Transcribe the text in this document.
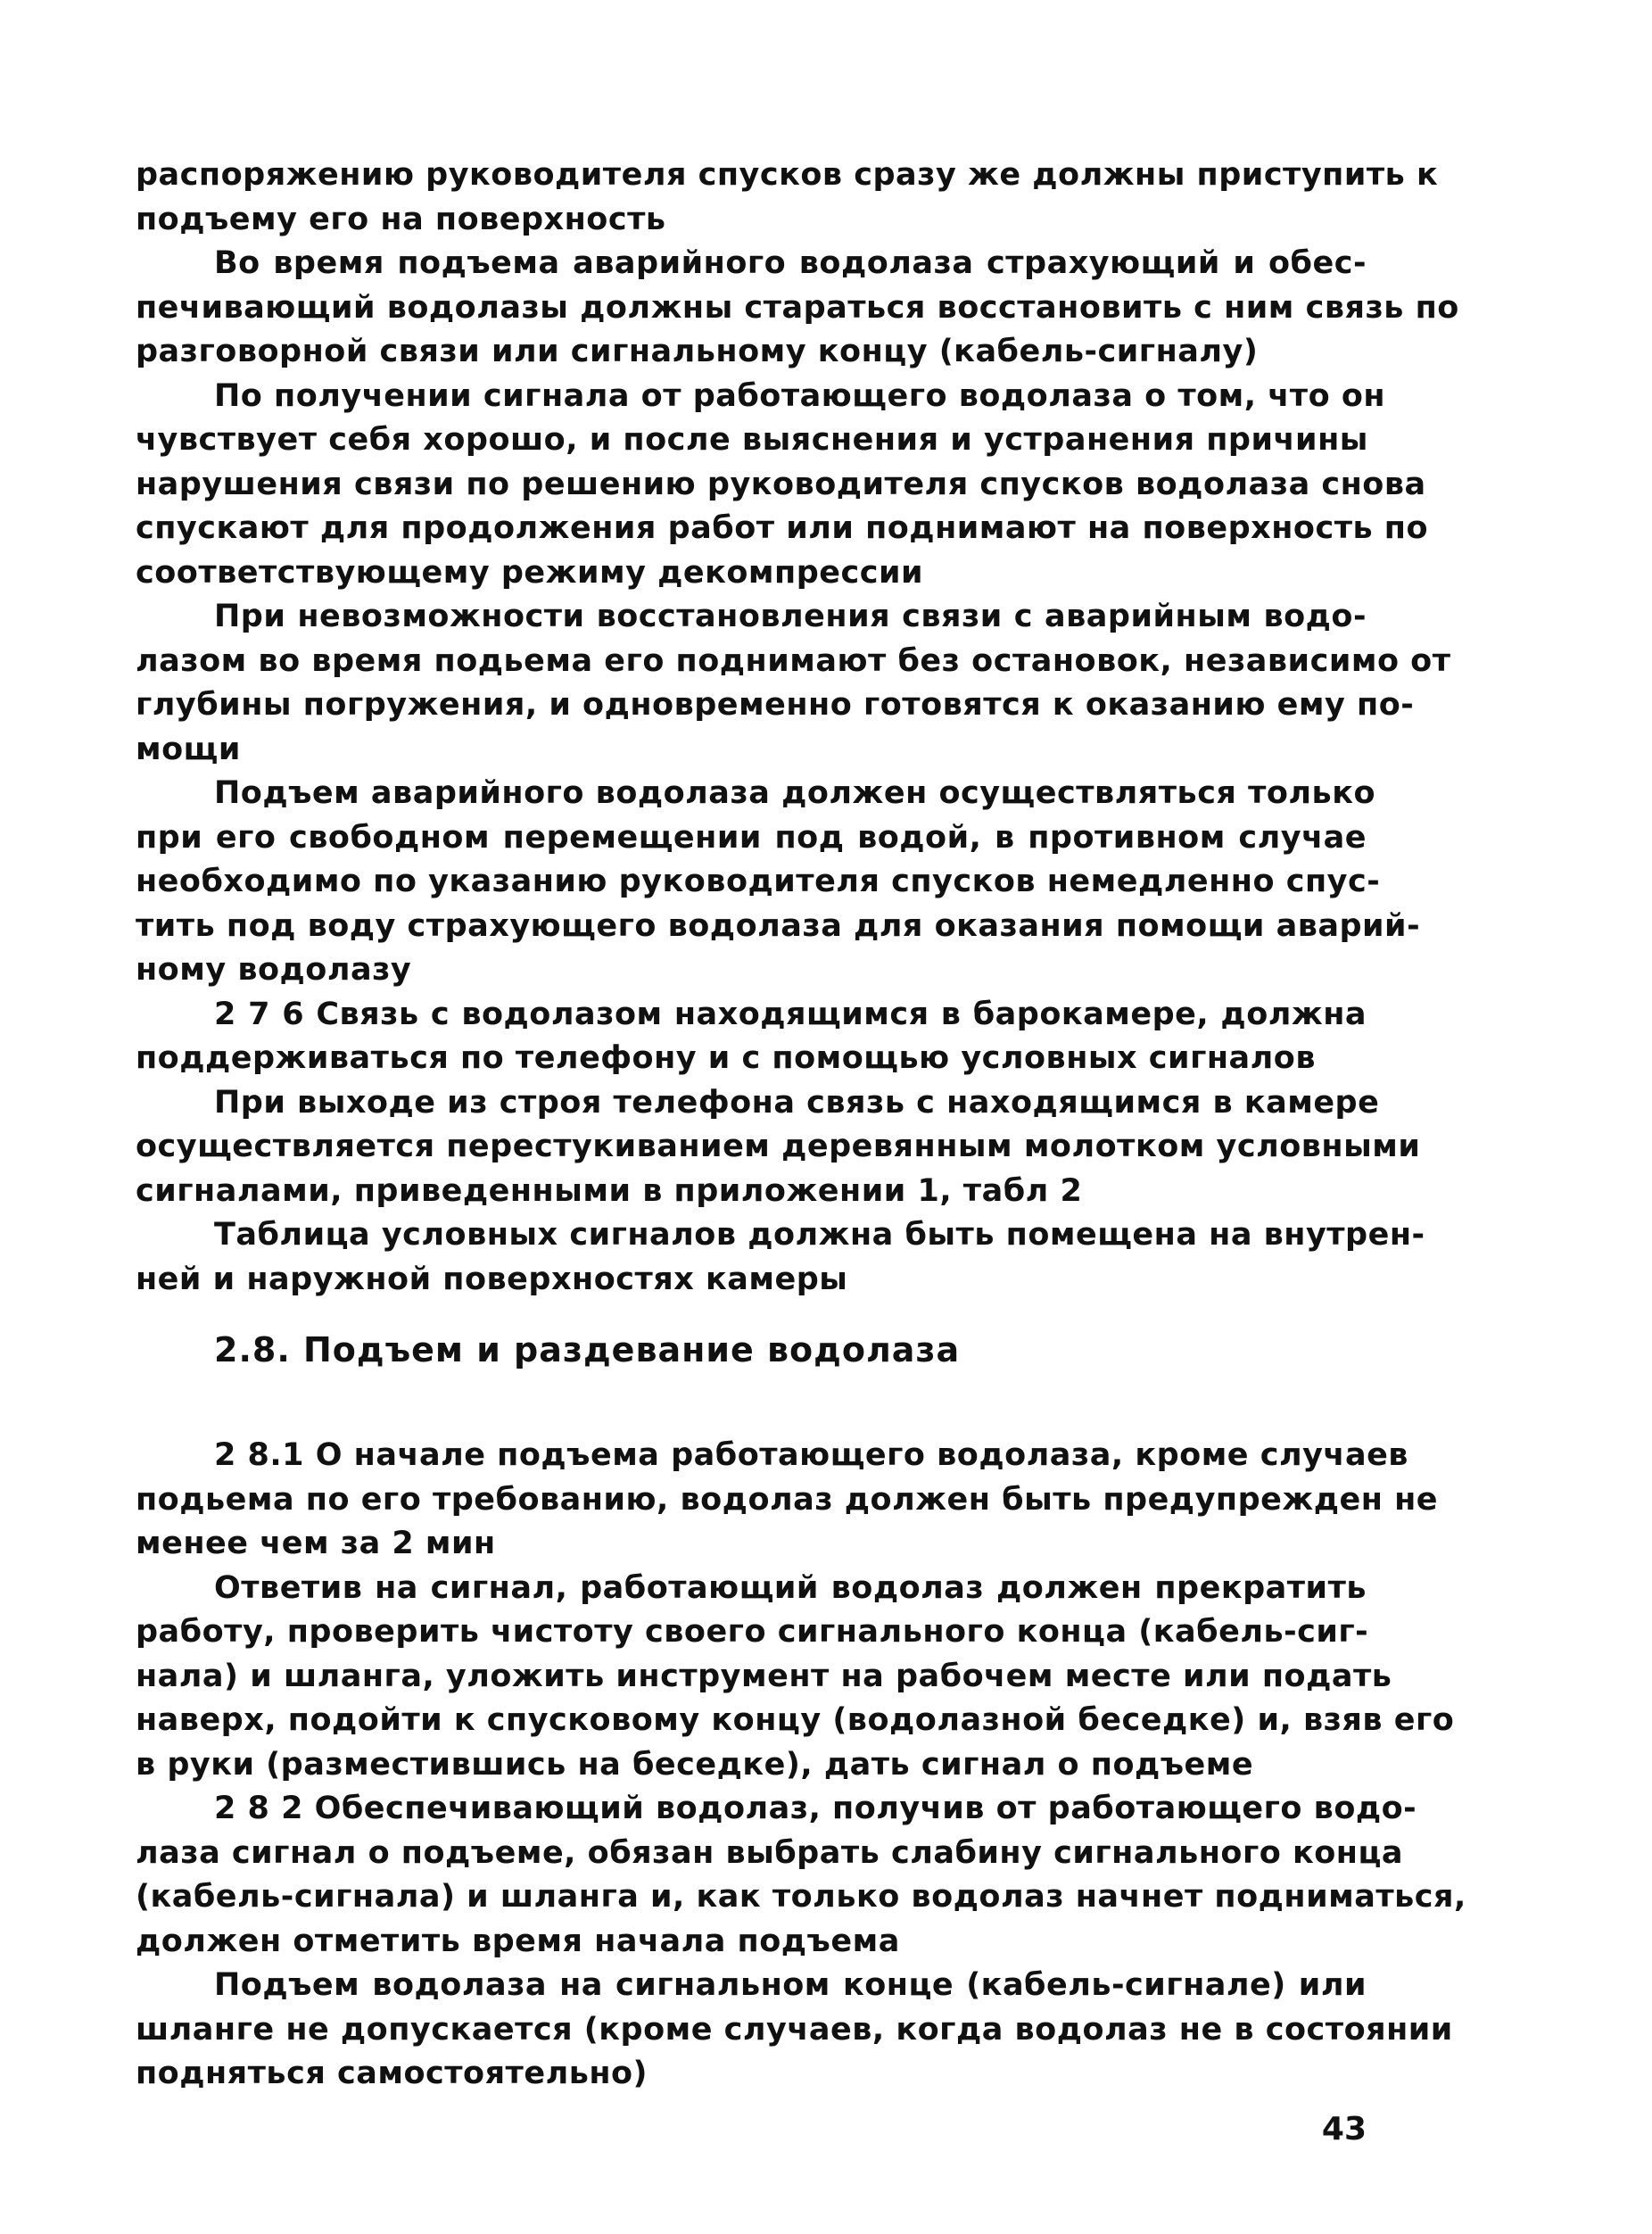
распоряжению руководителя спусков сразу же должны приступить к
подъему его на поверхность
Во время подъема аварийного водолаза страхующий и обес-
печивающий водолазы должны стараться восстановить с ним связь по
разговорной связи или сигнальному концу (кабель-сигналу)
По получении сигнала от работающего водолаза о том, что он
чувствует себя хорошо, и после выяснения и устранения причины
нарушения связи по решению руководителя спусков водолаза снова
спускают для продолжения работ или поднимают на поверхность по
соответствующему режиму декомпрессии
При невозможности восстановления связи с аварийным водо-
лазом во время подьема его поднимают без остановок, независимо от
глубины погружения, и одновременно готовятся к оказанию ему по-
мощи
Подъем аварийного водолаза должен осуществляться только
при его свободном перемещении под водой, в противном случае
необходимо по указанию руководителя спусков немедленно спус-
тить под воду страхующего водолаза для оказания помощи аварий-
ному водолазу
2 7 6 Связь с водолазом находящимся в барокамере, должна
поддерживаться по телефону и с помощью условных сигналов
При выходе из строя телефона связь с находящимся в камере
осуществляется перестукиванием деревянным молотком условными
сигналами, приведенными в приложении 1, табл 2
Таблица условных сигналов должна быть помещена на внутрен-
ней и наружной поверхностях камеры
2.8. Подъем и раздевание водолаза
2 8.1 О начале подъема работающего водолаза, кроме случаев
подьема по его требованию, водолаз должен быть предупрежден не
менее чем за 2 мин
Ответив на сигнал, работающий водолаз должен прекратить
работу, проверить чистоту своего сигнального конца (кабель-сиг-
нала) и шланга, уложить инструмент на рабочем месте или подать
наверх, подойти к спусковому концу (водолазной беседке) и, взяв его
в руки (разместившись на беседке), дать сигнал о подъеме
2 8 2 Обеспечивающий водолаз, получив от работающего водо-
лаза сигнал о подъеме, обязан выбрать слабину сигнального конца
(кабель-сигнала) и шланга и, как только водолаз начнет подниматься,
должен отметить время начала подъема
Подъем водолаза на сигнальном конце (кабель-сигнале) или
шланге не допускается (кроме случаев, когда водолаз не в состоянии
подняться самостоятельно)
43
